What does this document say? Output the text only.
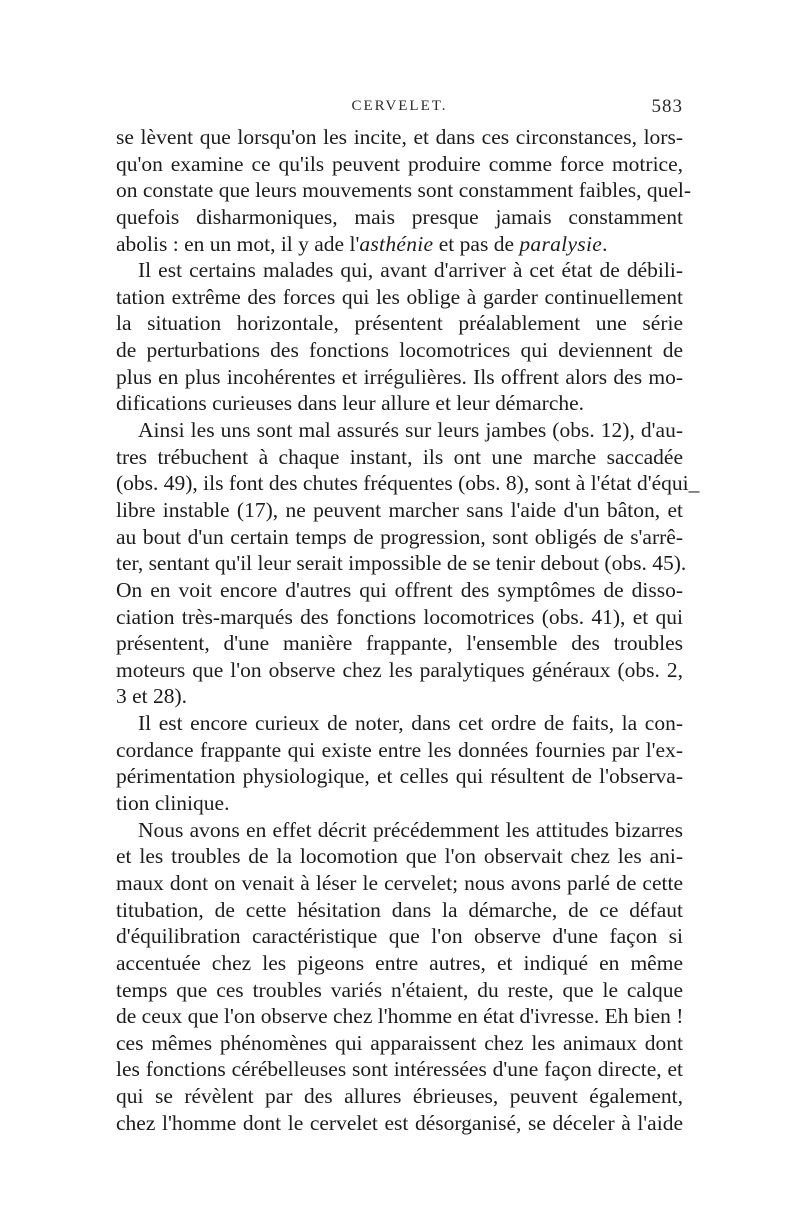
CERVELET.	583

se lèvent que lorsqu'on les incite, et dans ces circonstances, lors-
qu'on examine ce qu'ils peuvent produire comme force motrice,
on constate que leurs mouvements sont constamment faibles, quel-
quefois disharmoniques, mais presque jamais constamment
abolis : en un mot, il y ade l'asthénie et pas de paralysie.

Il est certains malades qui, avant d'arriver à cet état de débili-
tation extrême des forces qui les oblige à garder continuellement
la situation horizontale, présentent préalablement une série
de perturbations des fonctions locomotrices qui deviennent de
plus en plus incohérentes et irrégulières. Ils offrent alors des mo-
difications curieuses dans leur allure et leur démarche.

Ainsi les uns sont mal assurés sur leurs jambes (obs. 12), d'au-
tres trébuchent à chaque instant, ils ont une marche saccadée
(obs. 49), ils font des chutes fréquentes (obs. 8), sont à l'état d'équi_
libre instable (17), ne peuvent marcher sans l'aide d'un bâton, et
au bout d'un certain temps de progression, sont obligés de s'arrê-
ter, sentant qu'il leur serait impossible de se tenir debout (obs. 45).
On en voit encore d'autres qui offrent des symptômes de disso-
ciation très-marqués des fonctions locomotrices (obs. 41), et qui
présentent, d'une manière frappante, l'ensemble des troubles
moteurs que l'on observe chez les paralytiques généraux (obs. 2,
3 et 28).

Il est encore curieux de noter, dans cet ordre de faits, la con-
cordance frappante qui existe entre les données fournies par l'ex-
périmentation physiologique, et celles qui résultent de l'observa-
tion clinique.

Nous avons en effet décrit précédemment les attitudes bizarres
et les troubles de la locomotion que l'on observait chez les ani-
maux dont on venait à léser le cervelet; nous avons parlé de cette
titubation, de cette hésitation dans la démarche, de ce défaut
d'équilibration caractéristique que l'on observe d'une façon si
accentuée chez les pigeons entre autres, et indiqué en même
temps que ces troubles variés n'étaient, du reste, que le calque
de ceux que l'on observe chez l'homme en état d'ivresse. Eh bien !
ces mêmes phénomènes qui apparaissent chez les animaux dont
les fonctions cérébelleuses sont intéressées d'une façon directe, et
qui se révèlent par des allures ébrieuses, peuvent également,
chez l'homme dont le cervelet est désorganisé, se déceler à l'aide
